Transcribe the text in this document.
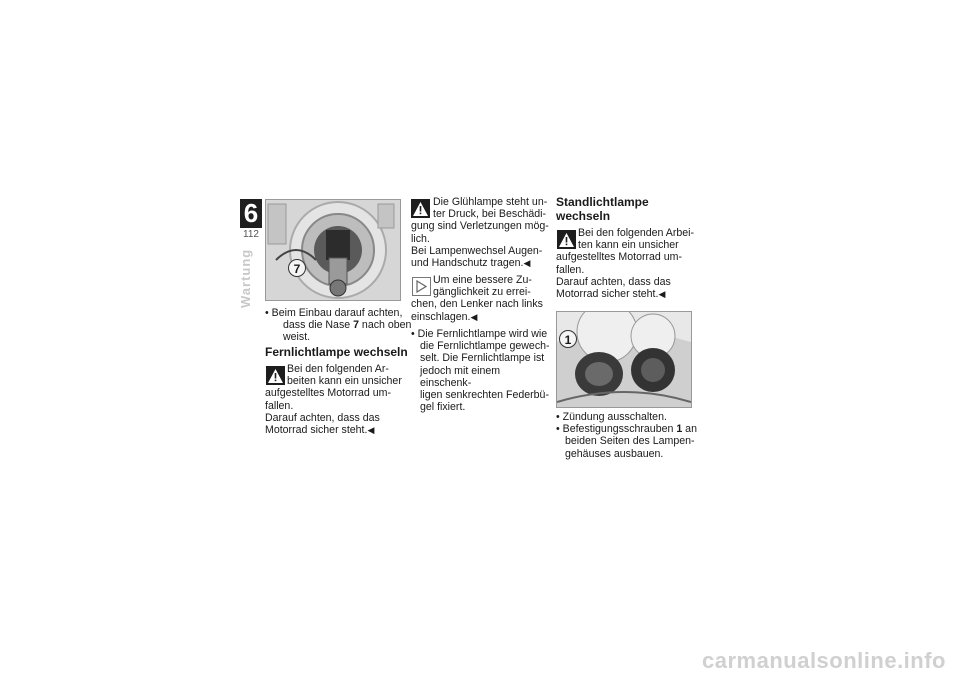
6
112
Wartung	7
• Beim Einbau darauf achten,
dass die Nase 7 nach oben
weist.
Fernlichtlampe wechseln
Bei den folgenden Ar-
beiten kann ein unsicher
aufgestelltes Motorrad um-
fallen.
Darauf achten, dass das
Motorrad sicher steht.◀
Die Glühlampe steht un-
ter Druck, bei Beschädi-
gung sind Verletzungen mög-
lich.
Bei Lampenwechsel Augen-
und Handschutz tragen.◀
Um eine bessere Zu-
gänglichkeit zu errei-
chen, den Lenker nach links
einschlagen.◀
• Die Fernlichtlampe wird wie
die Fernlichtlampe gewech-
selt. Die Fernlichtlampe ist
jedoch mit einem einschenk-
ligen senkrechten Federbü-
gel fixiert.
Standlichtlampe
wechseln
Bei den folgenden Arbei-
ten kann ein unsicher
aufgestelltes Motorrad um-
fallen.
Darauf achten, dass das
Motorrad sicher steht.◀
1
• Zündung ausschalten.
• Befestigungsschrauben 1 an
beiden Seiten des Lampen-
gehäuses ausbauen.
carmanualsonline.info
